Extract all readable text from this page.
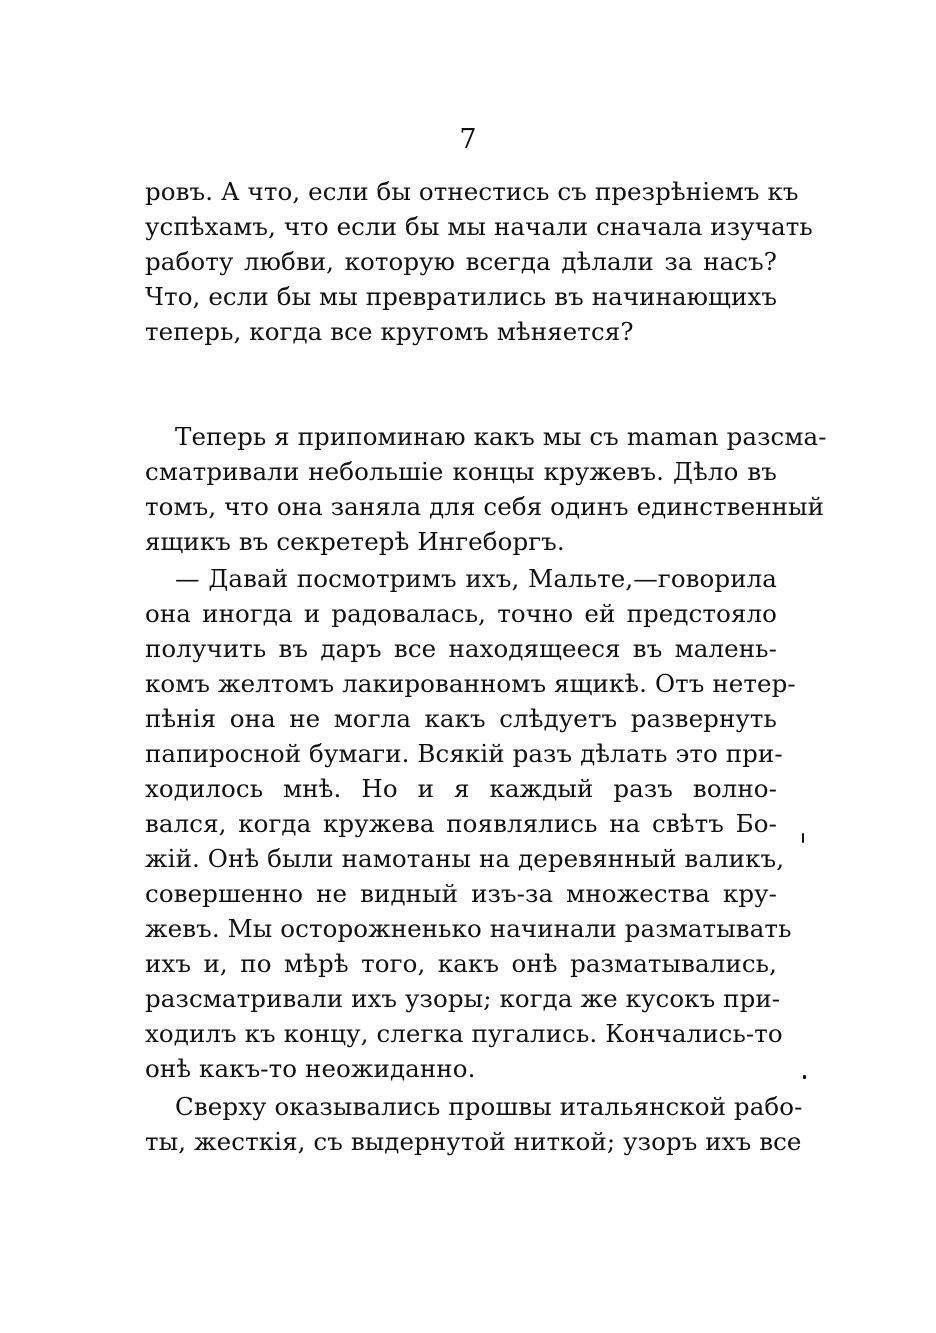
7
ровъ. А что, если бы отнестись съ презрѣніемъ къ
успѣхамъ, что если бы мы начали сначала изучать
работу любви, которую всегда дѣлали за насъ?
Что, если бы мы превратились въ начинающихъ
теперь, когда все кругомъ мѣняется?
Теперь я припоминаю какъ мы съ maman разсма-
сматривали небольшіе концы кружевъ. Дѣло въ
томъ, что она заняла для себя одинъ единственный
ящикъ въ секретерѣ Ингеборгъ.
— Давай посмотримъ ихъ, Мальте,—говорила
она иногда и радовалась, точно ей предстояло
получить въ даръ все находящееся въ малень-
комъ желтомъ лакированномъ ящикѣ. Отъ нетер-
пѣнія она не могла какъ слѣдуетъ развернуть
папиросной бумаги. Всякій разъ дѣлать это при-
ходилось мнѣ. Но и я каждый разъ волно-
вался, когда кружева появлялись на свѣтъ Бо-
жій. Онѣ были намотаны на деревянный валикъ,
совершенно не видный изъ-за множества кру-
жевъ. Мы осторожненько начинали разматывать
ихъ и, по мѣрѣ того, какъ онѣ разматывались,
разсматривали ихъ узоры; когда же кусокъ при-
ходилъ къ концу, слегка пугались. Кончались-то
онѣ какъ-то неожиданно.
Сверху оказывались прошвы итальянской рабо-
ты, жесткія, съ выдернутой ниткой; узоръ ихъ все
